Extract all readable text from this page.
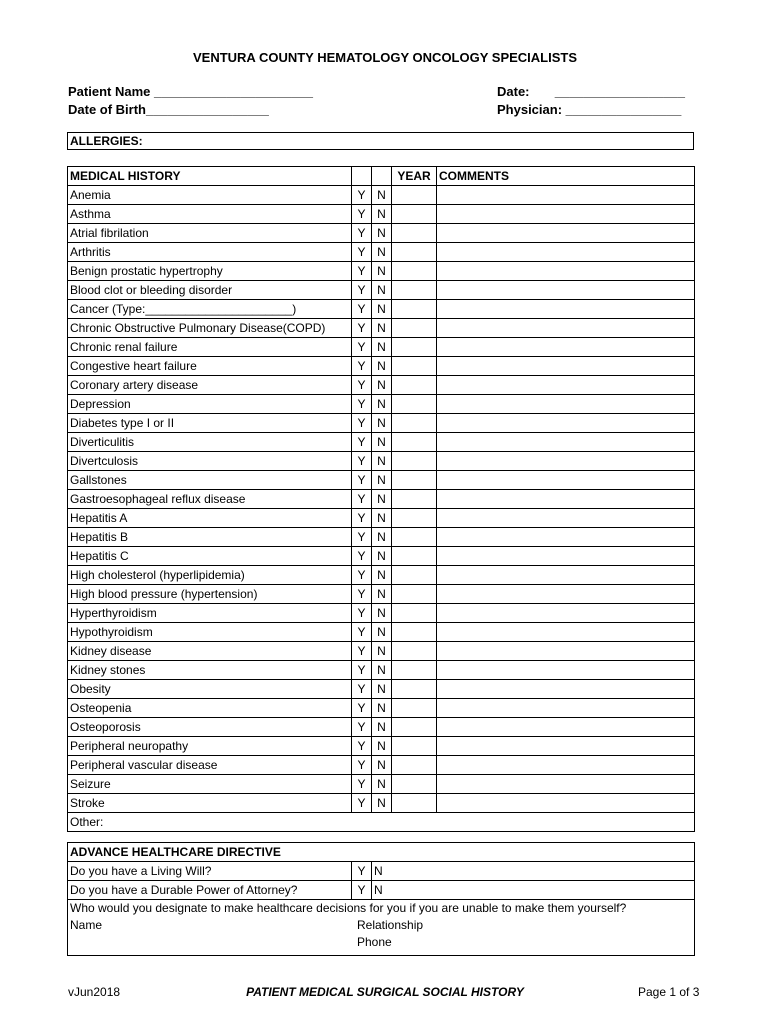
VENTURA COUNTY HEMATOLOGY ONCOLOGY SPECIALISTS
Patient Name ______________________
Date of Birth_________________
Date:       __________________
Physician: ________________
ALLERGIES:
MEDICAL HISTORY			YEAR	COMMENTS
Anemia	Y	N		
Asthma	Y	N		
Atrial fibrilation	Y	N		
Arthritis	Y	N		
Benign prostatic hypertrophy	Y	N		
Blood clot or bleeding disorder	Y	N		
Cancer (Type:______________________)	Y	N		
Chronic Obstructive Pulmonary Disease(COPD)	Y	N		
Chronic renal failure	Y	N		
Congestive heart failure	Y	N		
Coronary artery disease	Y	N		
Depression	Y	N		
Diabetes type I or II	Y	N		
Diverticulitis	Y	N		
Divertculosis	Y	N		
Gallstones	Y	N		
Gastroesophageal reflux disease	Y	N		
Hepatitis A	Y	N		
Hepatitis B	Y	N		
Hepatitis C	Y	N		
High cholesterol (hyperlipidemia)	Y	N		
High blood pressure (hypertension)	Y	N		
Hyperthyroidism	Y	N		
Hypothyroidism	Y	N		
Kidney disease	Y	N		
Kidney stones	Y	N		
Obesity	Y	N		
Osteopenia	Y	N		
Osteoporosis	Y	N		
Peripheral neuropathy	Y	N		
Peripheral vascular disease	Y	N		
Seizure	Y	N		
Stroke	Y	N		
Other:				
ADVANCE HEALTHCARE DIRECTIVE		
Do you have a Living Will?	Y	N
Do you have a Durable Power of Attorney?	Y	N

Who would you designate to make healthcare decisions for you if you are unable to make them yourself?
Name Relationship
Phone		
vJun2018	PATIENT MEDICAL SURGICAL SOCIAL HISTORY	Page 1 of 3
